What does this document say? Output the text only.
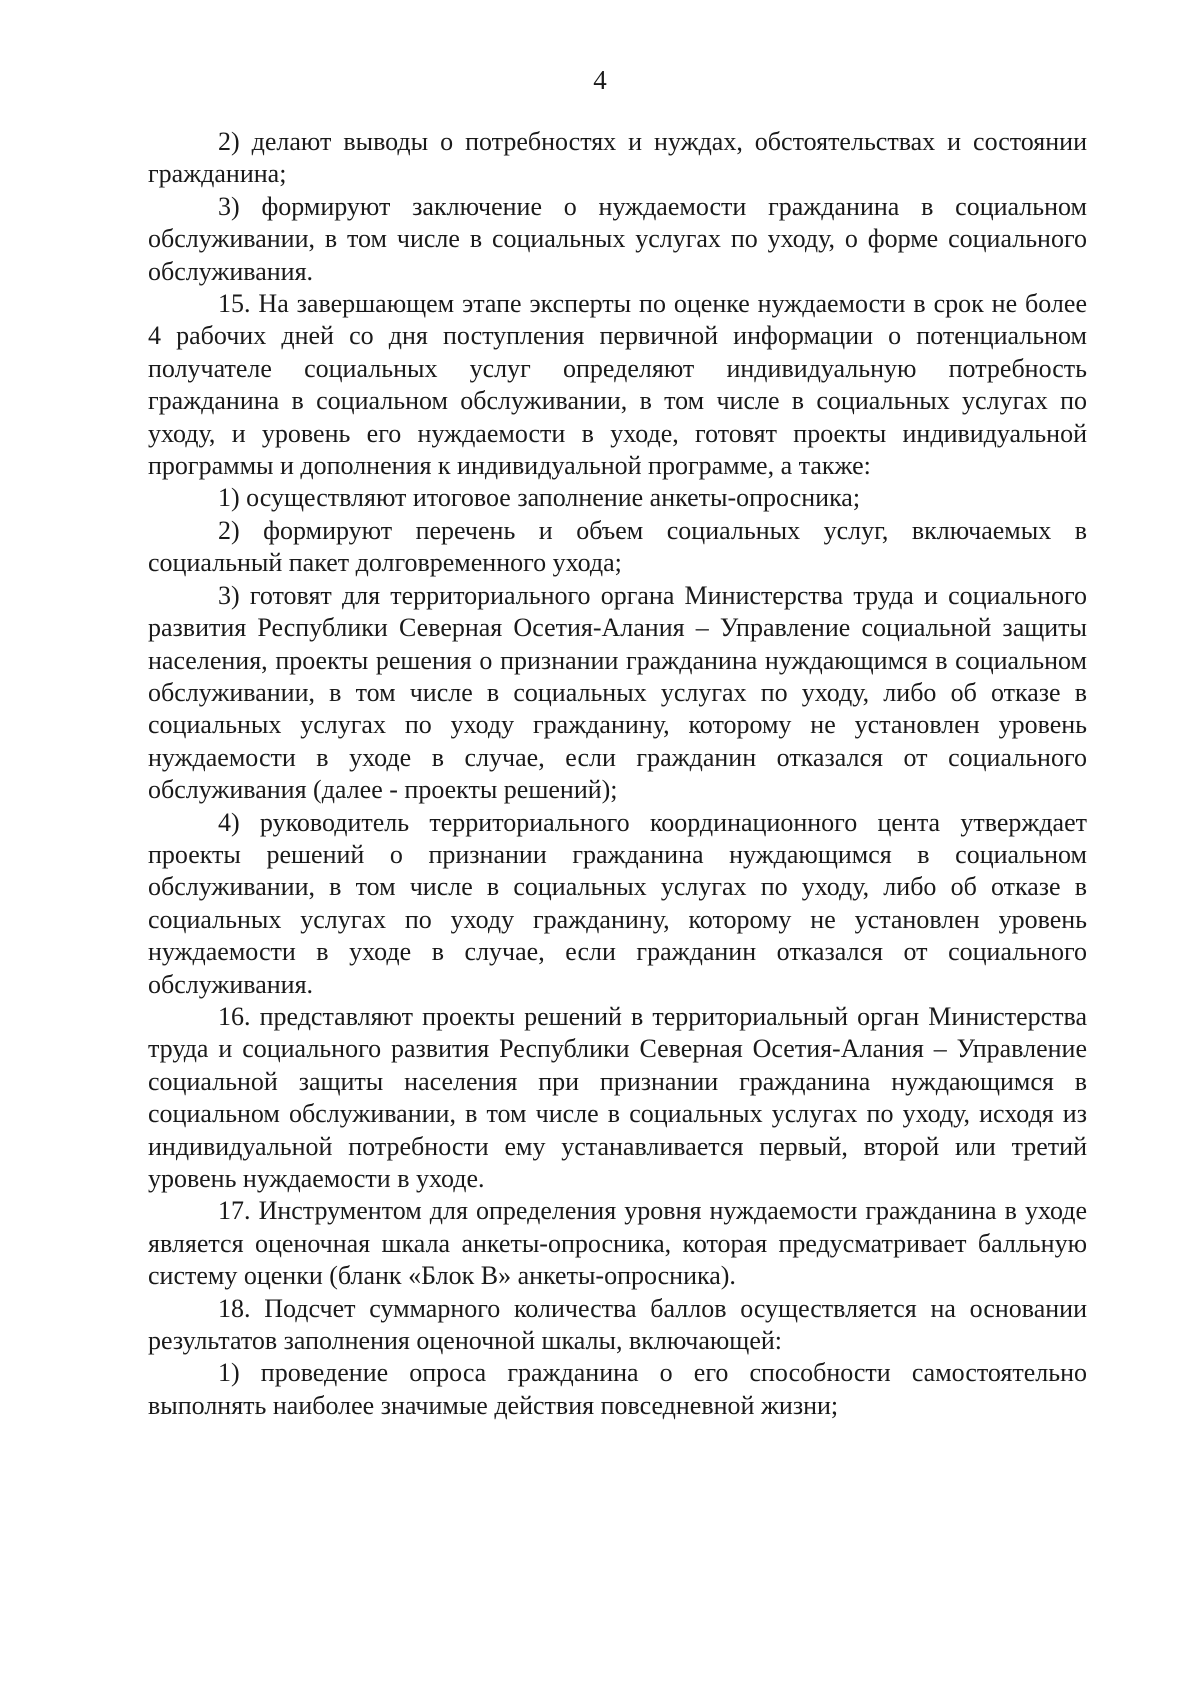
4

2) делают выводы о потребностях и нуждах, обстоятельствах и состоянии гражданина;

3) формируют заключение о нуждаемости гражданина в социальном обслуживании, в том числе в социальных услугах по уходу, о форме социального обслуживания.

15. На завершающем этапе эксперты по оценке нуждаемости в срок не более 4 рабочих дней со дня поступления первичной информации о потенциальном получателе социальных услуг определяют индивидуальную потребность гражданина в социальном обслуживании, в том числе в социальных услугах по уходу, и уровень его нуждаемости в уходе, готовят проекты индивидуальной программы и дополнения к индивидуальной программе, а также:

1) осуществляют итоговое заполнение анкеты-опросника;

2) формируют перечень и объем социальных услуг, включаемых в социальный пакет долговременного ухода;

3) готовят для территориального органа Министерства труда и социального развития Республики Северная Осетия-Алания – Управление социальной защиты населения, проекты решения о признании гражданина нуждающимся в социальном обслуживании, в том числе в социальных услугах по уходу, либо об отказе в социальных услугах по уходу гражданину, которому не установлен уровень нуждаемости в уходе в случае, если гражданин отказался от социального обслуживания (далее - проекты решений);

4) руководитель территориального координационного цента утверждает проекты решений о признании гражданина нуждающимся в социальном обслуживании, в том числе в социальных услугах по уходу, либо об отказе в социальных услугах по уходу гражданину, которому не установлен уровень нуждаемости в уходе в случае, если гражданин отказался от социального обслуживания.

16. представляют проекты решений в территориальный орган Министерства труда и социального развития Республики Северная Осетия-Алания – Управление социальной защиты населения при признании гражданина нуждающимся в социальном обслуживании, в том числе в социальных услугах по уходу, исходя из индивидуальной потребности ему устанавливается первый, второй или третий уровень нуждаемости в уходе.

17. Инструментом для определения уровня нуждаемости гражданина в уходе является оценочная шкала анкеты-опросника, которая предусматривает балльную систему оценки (бланк «Блок В» анкеты-опросника).

18. Подсчет суммарного количества баллов осуществляется на основании результатов заполнения оценочной шкалы, включающей:

1) проведение опроса гражданина о его способности самостоятельно выполнять наиболее значимые действия повседневной жизни;
